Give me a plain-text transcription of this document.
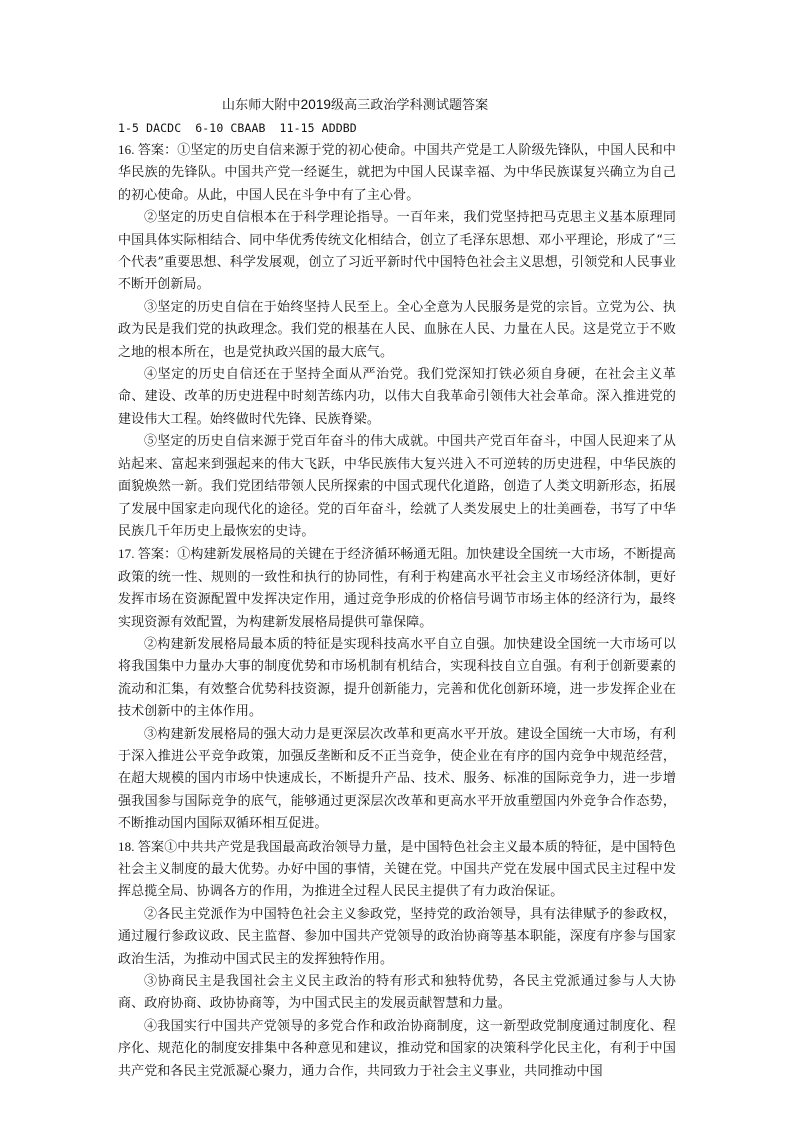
山东师大附中2019级高三政治学科测试题答案
1-5 DACDC  6-10 CBAAB  11-15 ADDBD

16. 答案：①坚定的历史自信来源于党的初心使命。中国共产党是工人阶级先锋队，中国人民和中华民族的先锋队。中国共产党一经诞生，就把为中国人民谋幸福、为中华民族谋复兴确立为自己的初心使命。从此，中国人民在斗争中有了主心骨。

②坚定的历史自信根本在于科学理论指导。一百年来，我们党坚持把马克思主义基本原理同中国具体实际相结合、同中华优秀传统文化相结合，创立了毛泽东思想、邓小平理论，形成了“三个代表”重要思想、科学发展观，创立了习近平新时代中国特色社会主义思想，引领党和人民事业不断开创新局。

③坚定的历史自信在于始终坚持人民至上。全心全意为人民服务是党的宗旨。立党为公、执政为民是我们党的执政理念。我们党的根基在人民、血脉在人民、力量在人民。这是党立于不败之地的根本所在，也是党执政兴国的最大底气。

④坚定的历史自信还在于坚持全面从严治党。我们党深知打铁必须自身硬，在社会主义革命、建设、改革的历史进程中时刻苦练内功，以伟大自我革命引领伟大社会革命。深入推进党的建设伟大工程。始终做时代先锋、民族脊梁。

⑤坚定的历史自信来源于党百年奋斗的伟大成就。中国共产党百年奋斗，中国人民迎来了从站起来、富起来到强起来的伟大飞跃，中华民族伟大复兴进入不可逆转的历史进程，中华民族的面貌焕然一新。我们党团结带领人民所探索的中国式现代化道路，创造了人类文明新形态，拓展了发展中国家走向现代化的途径。党的百年奋斗，绘就了人类发展史上的壮美画卷，书写了中华民族几千年历史上最恢宏的史诗。

17. 答案：①构建新发展格局的关键在于经济循环畅通无阻。加快建设全国统一大市场，不断提高政策的统一性、规则的一致性和执行的协同性，有利于构建高水平社会主义市场经济体制，更好发挥市场在资源配置中发挥决定作用，通过竞争形成的价格信号调节市场主体的经济行为，最终实现资源有效配置，为构建新发展格局提供可靠保障。

②构建新发展格局最本质的特征是实现科技高水平自立自强。加快建设全国统一大市场可以将我国集中力量办大事的制度优势和市场机制有机结合，实现科技自立自强。有利于创新要素的流动和汇集，有效整合优势科技资源，提升创新能力，完善和优化创新环境，进一步发挥企业在技术创新中的主体作用。

③构建新发展格局的强大动力是更深层次改革和更高水平开放。建设全国统一大市场，有利于深入推进公平竞争政策，加强反垄断和反不正当竞争，使企业在有序的国内竞争中规范经营，在超大规模的国内市场中快速成长，不断提升产品、技术、服务、标准的国际竞争力，进一步增强我国参与国际竞争的底气，能够通过更深层次改革和更高水平开放重塑国内外竞争合作态势，不断推动国内国际双循环相互促进。

18. 答案①中共共产党是我国最高政治领导力量，是中国特色社会主义最本质的特征，是中国特色社会主义制度的最大优势。办好中国的事情，关键在党。中国共产党在发展中国式民主过程中发挥总揽全局、协调各方的作用，为推进全过程人民民主提供了有力政治保证。

②各民主党派作为中国特色社会主义参政党，坚持党的政治领导，具有法律赋予的参政权，通过履行参政议政、民主监督、参加中国共产党领导的政治协商等基本职能，深度有序参与国家政治生活，为推动中国式民主的发挥独特作用。

③协商民主是我国社会主义民主政治的特有形式和独特优势，各民主党派通过参与人大协商、政府协商、政协协商等，为中国式民主的发展贡献智慧和力量。

④我国实行中国共产党领导的多党合作和政治协商制度，这一新型政党制度通过制度化、程序化、规范化的制度安排集中各种意见和建议，推动党和国家的决策科学化民主化，有利于中国共产党和各民主党派凝心聚力，通力合作，共同致力于社会主义事业，共同推动中国
